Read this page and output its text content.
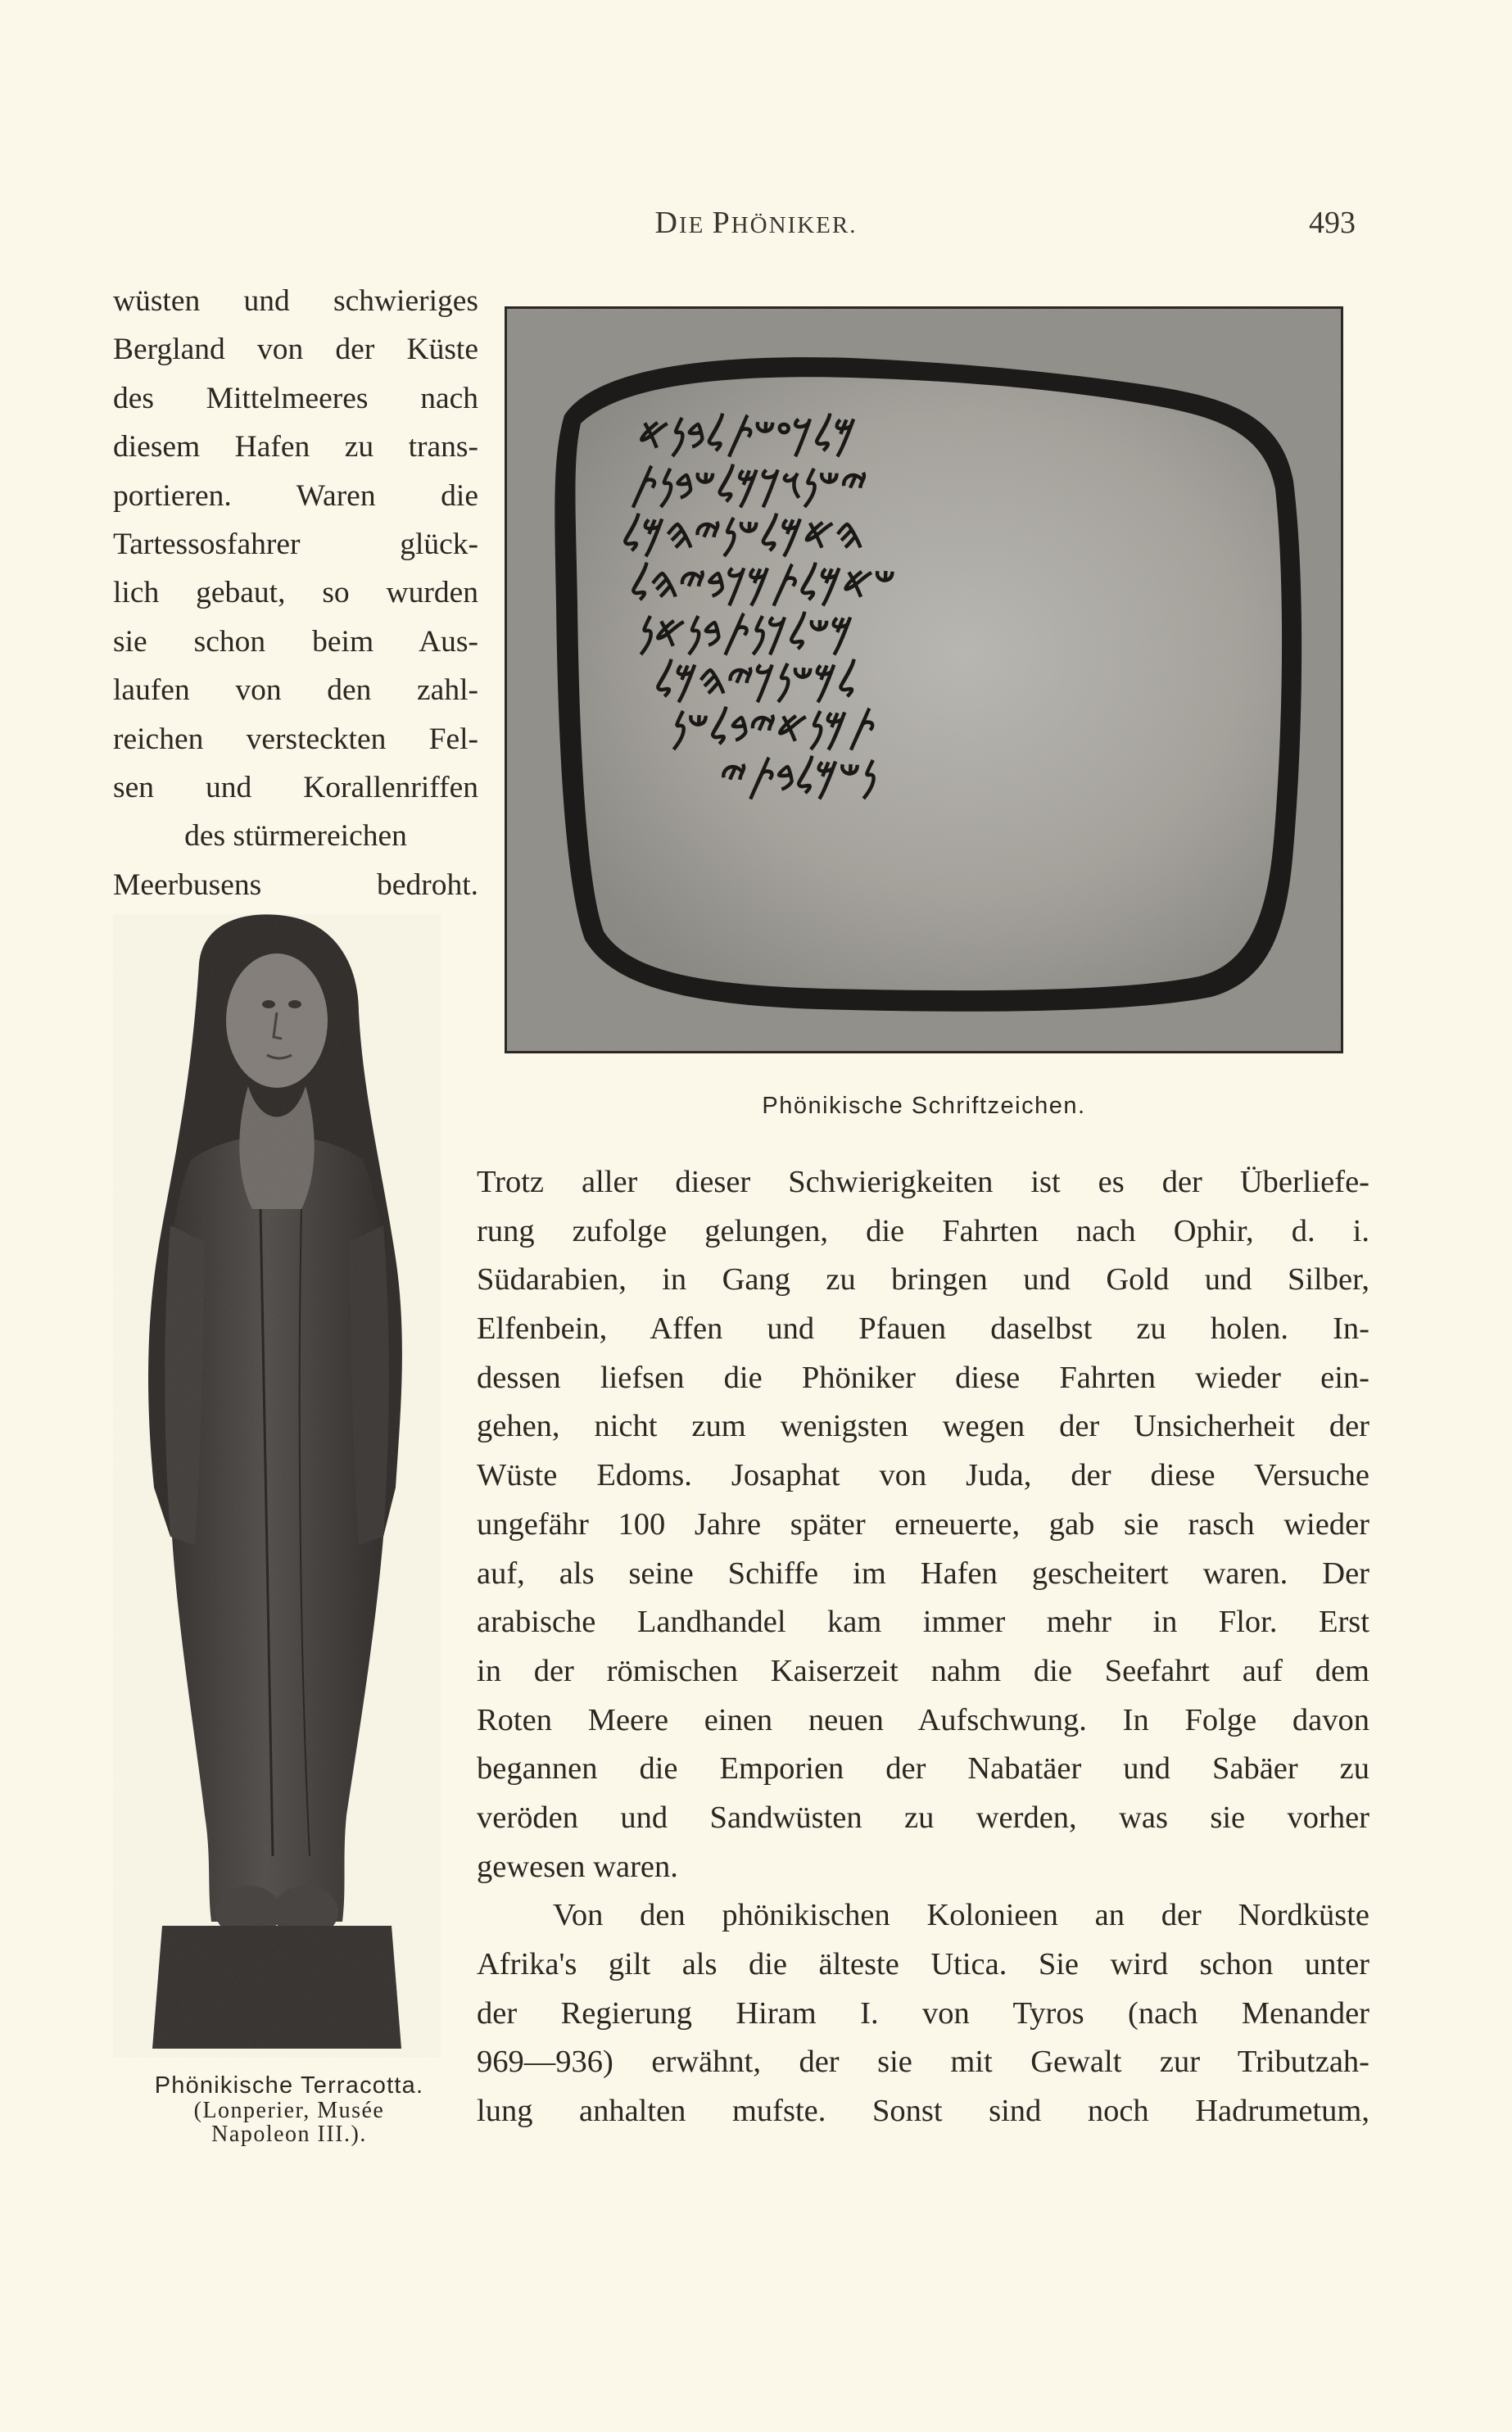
DIE PHÖNIKER.	493
wüsten und schwieriges
Bergland von der Küste
des Mittelmeeres nach
diesem Hafen zu trans-
portieren. Waren die
Tartessosfahrer glück-
lich gebaut, so wurden
sie schon beim Aus-
laufen von den zahl-
reichen versteckten Fel-
sen und Korallenriffen
des stürmereichen
Meerbusens bedroht.
𐤌𐤋𐤊𐤏𐤔𐤕𐤋𐤁𐤍𐤀
𐤉𐤔𐤍𐤅𐤊𐤌𐤋𐤔𐤁𐤍𐤕
𐤄𐤀𐤌𐤋𐤔𐤍𐤉𐤄𐤌𐤋
𐤔𐤀𐤌𐤋𐤕𐤌𐤊𐤁𐤉𐤄𐤋
𐤌𐤔𐤋𐤊𐤍𐤕𐤁𐤍𐤀𐤍
𐤋𐤌𐤔𐤍𐤊𐤉𐤄𐤌𐤋
𐤕𐤌𐤍𐤀𐤉𐤁𐤋𐤔𐤍
𐤍𐤔𐤌𐤋𐤁𐤕𐤉
Phönikische Schriftzeichen.
Phönikische Terracotta.
(Lonperier, Musée
Napoleon III.).
Trotz aller dieser Schwierigkeiten ist es der Überliefe-
rung zufolge gelungen, die Fahrten nach Ophir, d. i.
Südarabien, in Gang zu bringen und Gold und Silber,
Elfenbein, Affen und Pfauen daselbst zu holen. In-
dessen liefsen die Phöniker diese Fahrten wieder ein-
gehen, nicht zum wenigsten wegen der Unsicherheit der
Wüste Edoms. Josaphat von Juda, der diese Versuche
ungefähr 100 Jahre später erneuerte, gab sie rasch wieder
auf, als seine Schiffe im Hafen gescheitert waren. Der
arabische Landhandel kam immer mehr in Flor. Erst
in der römischen Kaiserzeit nahm die Seefahrt auf dem
Roten Meere einen neuen Aufschwung. In Folge davon
begannen die Emporien der Nabatäer und Sabäer zu
veröden und Sandwüsten zu werden, was sie vorher
gewesen waren.
Von den phönikischen Kolonieen an der Nordküste
Afrika's gilt als die älteste Utica. Sie wird schon unter
der Regierung Hiram I. von Tyros (nach Menander
969—936) erwähnt, der sie mit Gewalt zur Tributzah-
lung anhalten mufste. Sonst sind noch Hadrumetum,
